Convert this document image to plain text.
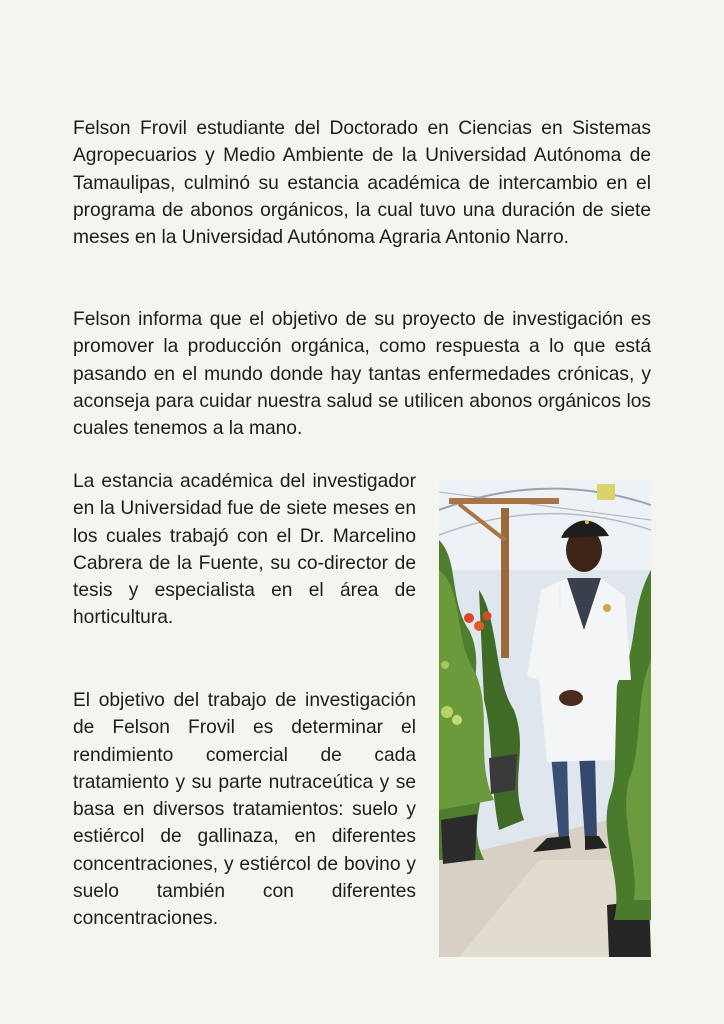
Felson Frovil estudiante del Doctorado en Ciencias en Sistemas Agropecuarios y Medio Ambiente de la Universidad Autónoma de Tamaulipas, culminó su estancia académica de intercambio en el programa de abonos orgánicos, la cual tuvo una duración de siete meses en la Universidad Autónoma Agraria Antonio Narro.

Felson informa que el objetivo de su proyecto de investigación es promover la producción orgánica, como respuesta a lo que está pasando en el mundo donde hay tantas enfermedades crónicas, y aconseja para cuidar nuestra salud se utilicen abonos orgánicos los cuales tenemos a la mano.

La estancia académica del investigador en la Universidad fue de siete meses en los cuales trabajó con el Dr. Marcelino Cabrera de la Fuente, su co-director de tesis y especialista en el área de horticultura.

El objetivo del trabajo de investigación de Felson Frovil es determinar el rendimiento comercial de cada tratamiento y su parte nutraceútica y se basa en diversos tratamientos: suelo y estiércol de gallinaza, en diferentes concentraciones, y estiércol de bovino y suelo también con diferentes concentraciones.
